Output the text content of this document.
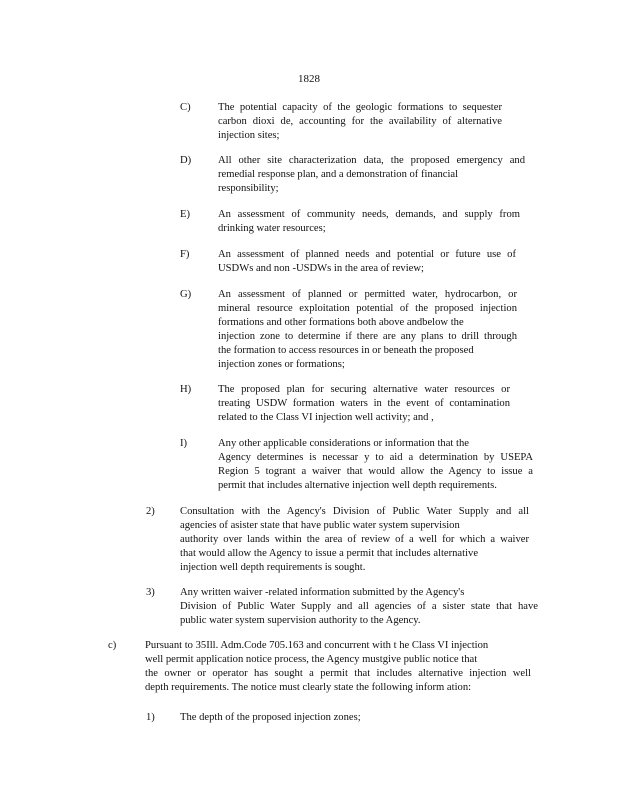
1828
C)	The potential capacity of the geologic formations to sequester
carbon dioxi de, accounting for the availability of alternative
injection sites;
D)	All other site characterization data, the proposed emergency and
remedial response plan, and a demonstration of financial
responsibility;
E)	An assessment of community needs, demands, and supply from
drinking water resources;
F)	An assessment of planned needs and potential or future use of
USDWs and non -USDWs in the area of review;
G)	An assessment of planned or permitted water, hydrocarbon, or
mineral resource exploitation potential of the proposed injection
formations and other formations both above andbelow the
injection zone to determine if there are any plans to drill through
the formation to access resources in or beneath the proposed
injection zones or formations;
H)	The proposed plan for securing alternative water resources or
treating USDW formation waters in the event of contamination
related to the Class VI injection well activity; and ,
I)	Any other applicable considerations or information that the
Agency determines is necessar y to aid a determination by USEPA
Region 5 togrant a waiver that would allow the Agency to issue a
permit that includes alternative injection well depth requirements.
2) Consultation with the Agency's Division of Public Water Supply and all
agencies of asister state that have public water system supervision
authority over lands within the area of review of a well for which a waiver
that would allow the Agency to issue a permit that includes alternative
injection well depth requirements is sought.
3) Any written waiver -related information submitted by the Agency's
Division of Public Water Supply and all agencies of a sister state that have
public water system supervision authority to the Agency.
c)	Pursuant to 35Ill. Adm.Code 705.163 and concurrent with t he Class VI injection
well permit application notice process, the Agency mustgive public notice that
the owner or operator has sought a permit that includes alternative injection well
depth requirements. The notice must clearly state the following inform ation:
1) The depth of the proposed injection zones;
